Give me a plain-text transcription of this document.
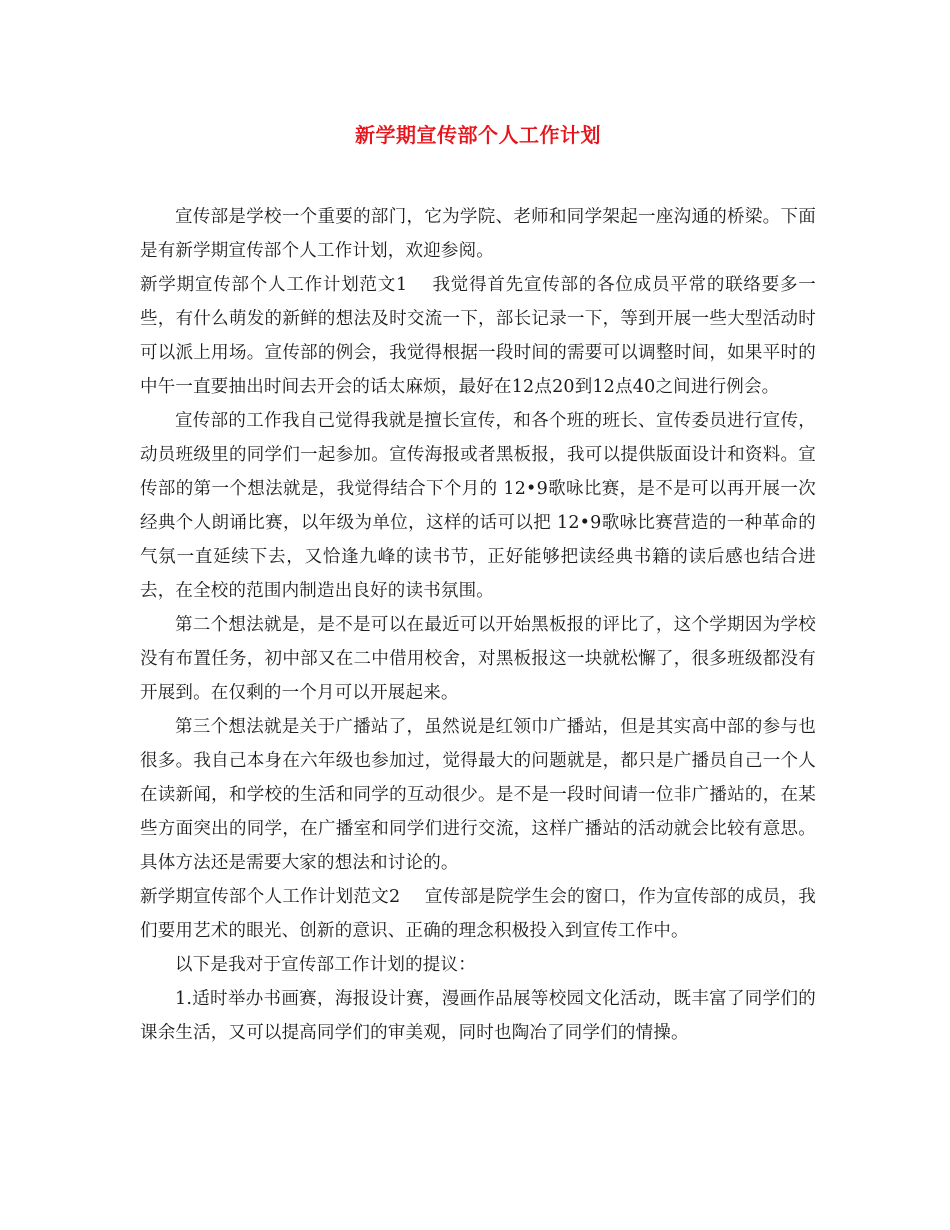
新学期宣传部个人工作计划

宣传部是学校一个重要的部门，它为学院、老师和同学架起一座沟通的桥梁。下面是有新学期宣传部个人工作计划，欢迎参阅。

新学期宣传部个人工作计划范文1 我觉得首先宣传部的各位成员平常的联络要多一些，有什么萌发的新鲜的想法及时交流一下，部长记录一下，等到开展一些大型活动时可以派上用场。宣传部的例会，我觉得根据一段时间的需要可以调整时间，如果平时的中午一直要抽出时间去开会的话太麻烦，最好在12点20到12点40之间进行例会。

宣传部的工作我自己觉得我就是擅长宣传，和各个班的班长、宣传委员进行宣传，动员班级里的同学们一起参加。宣传海报或者黑板报，我可以提供版面设计和资料。宣传部的第一个想法就是，我觉得结合下个月的 12•9歌咏比赛，是不是可以再开展一次经典个人朗诵比赛，以年级为单位，这样的话可以把 12•9歌咏比赛营造的一种革命的气氛一直延续下去，又恰逢九峰的读书节，正好能够把读经典书籍的读后感也结合进去，在全校的范围内制造出良好的读书氛围。

第二个想法就是，是不是可以在最近可以开始黑板报的评比了，这个学期因为学校没有布置任务，初中部又在二中借用校舍，对黑板报这一块就松懈了，很多班级都没有开展到。在仅剩的一个月可以开展起来。

第三个想法就是关于广播站了，虽然说是红领巾广播站，但是其实高中部的参与也很多。我自己本身在六年级也参加过，觉得最大的问题就是，都只是广播员自己一个人在读新闻，和学校的生活和同学的互动很少。是不是一段时间请一位非广播站的，在某些方面突出的同学，在广播室和同学们进行交流，这样广播站的活动就会比较有意思。具体方法还是需要大家的想法和讨论的。

新学期宣传部个人工作计划范文2 宣传部是院学生会的窗口，作为宣传部的成员，我们要用艺术的眼光、创新的意识、正确的理念积极投入到宣传工作中。

以下是我对于宣传部工作计划的提议：

1.适时举办书画赛，海报设计赛，漫画作品展等校园文化活动，既丰富了同学们的课余生活，又可以提高同学们的审美观，同时也陶冶了同学们的情操。
